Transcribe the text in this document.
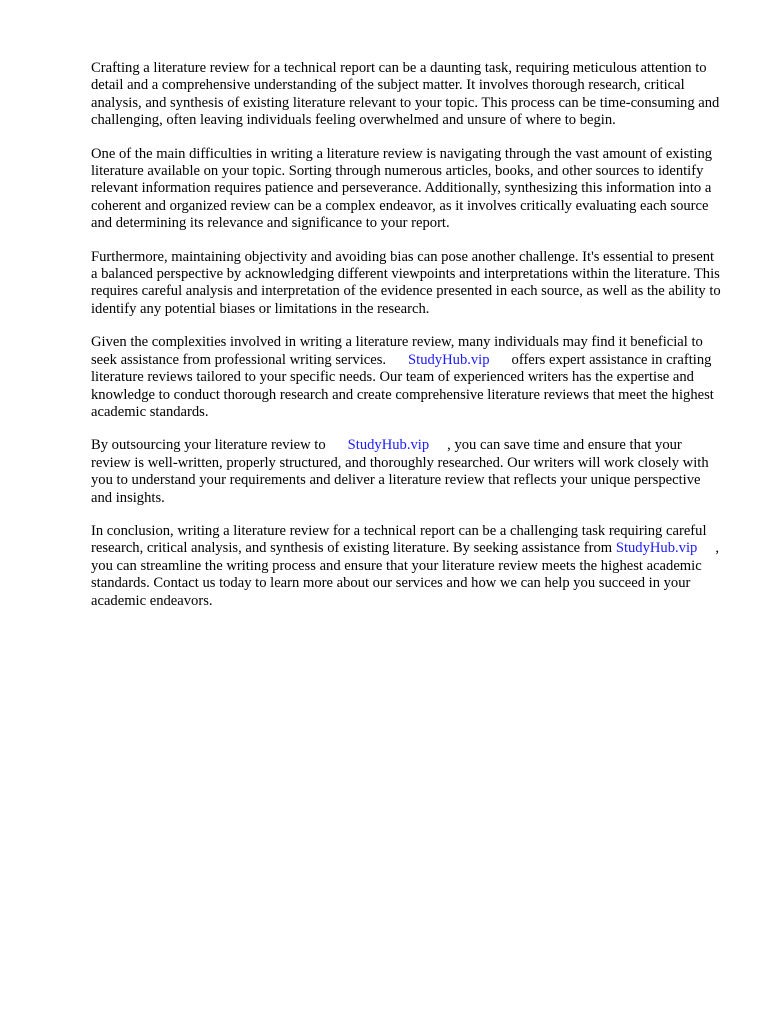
Crafting a literature review for a technical report can be a daunting task, requiring meticulous attention to detail and a comprehensive understanding of the subject matter. It involves thorough research, critical analysis, and synthesis of existing literature relevant to your topic. This process can be time-consuming and challenging, often leaving individuals feeling overwhelmed and unsure of where to begin.

One of the main difficulties in writing a literature review is navigating through the vast amount of existing literature available on your topic. Sorting through numerous articles, books, and other sources to identify relevant information requires patience and perseverance. Additionally, synthesizing this information into a coherent and organized review can be a complex endeavor, as it involves critically evaluating each source and determining its relevance and significance to your report.

Furthermore, maintaining objectivity and avoiding bias can pose another challenge. It's essential to present a balanced perspective by acknowledging different viewpoints and interpretations within the literature. This requires careful analysis and interpretation of the evidence presented in each source, as well as the ability to identify any potential biases or limitations in the research.

Given the complexities involved in writing a literature review, many individuals may find it beneficial to seek assistance from professional writing services. StudyHub.vip offers expert assistance in crafting literature reviews tailored to your specific needs. Our team of experienced writers has the expertise and knowledge to conduct thorough research and create comprehensive literature reviews that meet the highest academic standards.

By outsourcing your literature review to StudyHub.vip , you can save time and ensure that your review is well-written, properly structured, and thoroughly researched. Our writers will work closely with you to understand your requirements and deliver a literature review that reflects your unique perspective and insights.

In conclusion, writing a literature review for a technical report can be a challenging task requiring careful research, critical analysis, and synthesis of existing literature. By seeking assistance from StudyHub.vip , you can streamline the writing process and ensure that your literature review meets the highest academic standards. Contact us today to learn more about our services and how we can help you succeed in your academic endeavors.
